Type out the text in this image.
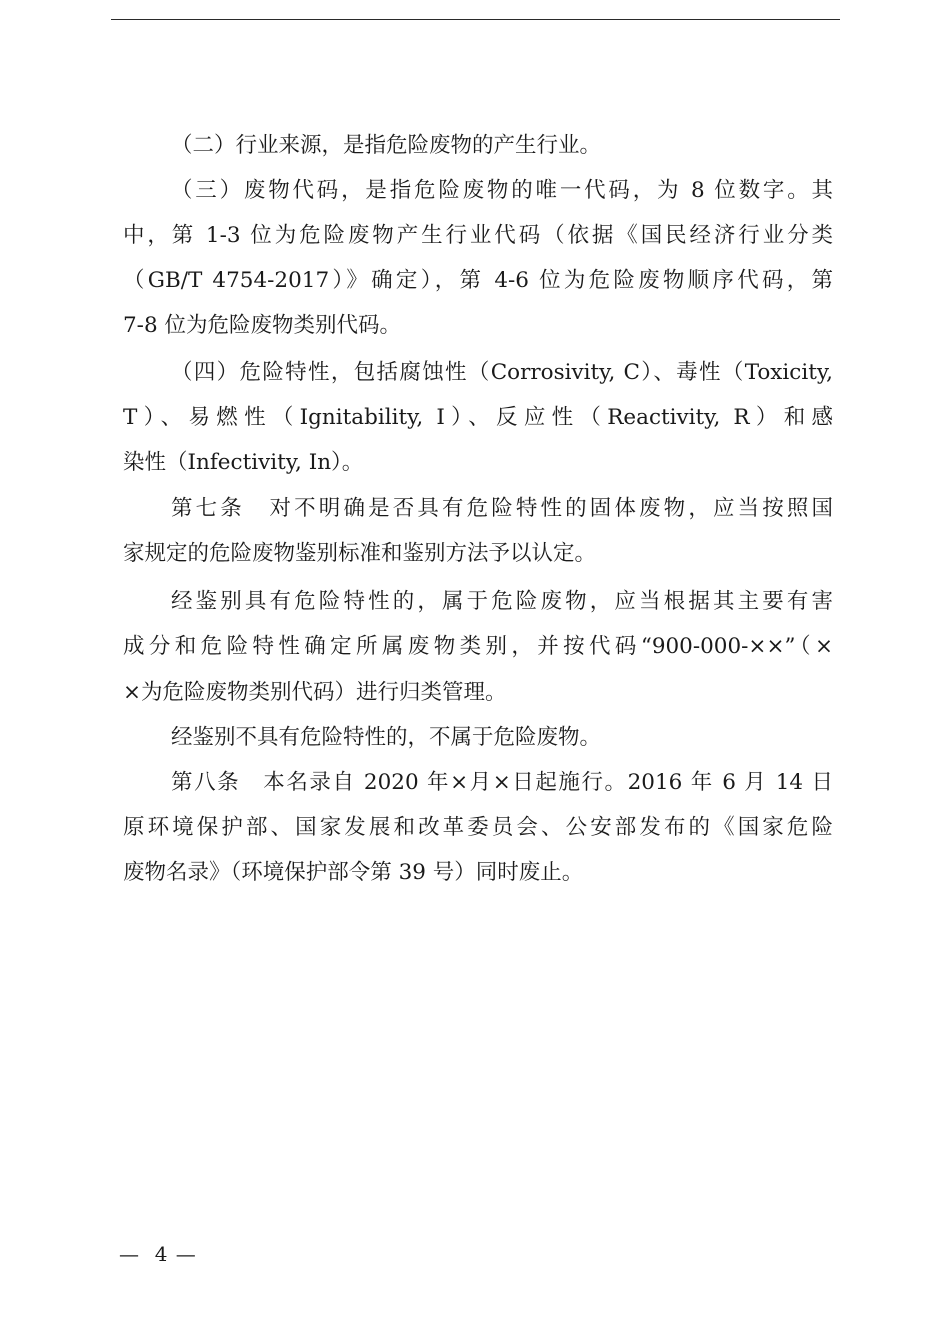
（二）行业来源，是指危险废物的产生行业。
（三）废物代码，是指危险废物的唯一代码，为 8 位数字。其
中，第 1-3 位为危险废物产生行业代码（依据《国民经济行业分类
（GB/T 4754-2017）》确定），第 4-6 位为危险废物顺序代码，第
7-8 位为危险废物类别代码。
（四）危险特性，包括腐蚀性（Corrosivity, C）、毒性（Toxicity,
T）、易燃性（Ignitability, I）、反应性（Reactivity, R）和感
染性（Infectivity, In）。
第七条　对不明确是否具有危险特性的固体废物，应当按照国
家规定的危险废物鉴别标准和鉴别方法予以认定。
经鉴别具有危险特性的，属于危险废物，应当根据其主要有害
成分和危险特性确定所属废物类别，并按代码“900-000-××”（×
×为危险废物类别代码）进行归类管理。
经鉴别不具有危险特性的，不属于危险废物。
第八条　本名录自 2020 年×月×日起施行。2016 年 6 月 14 日
原环境保护部、国家发展和改革委员会、公安部发布的《国家危险
废物名录》（环境保护部令第 39 号）同时废止。
—  4 —
